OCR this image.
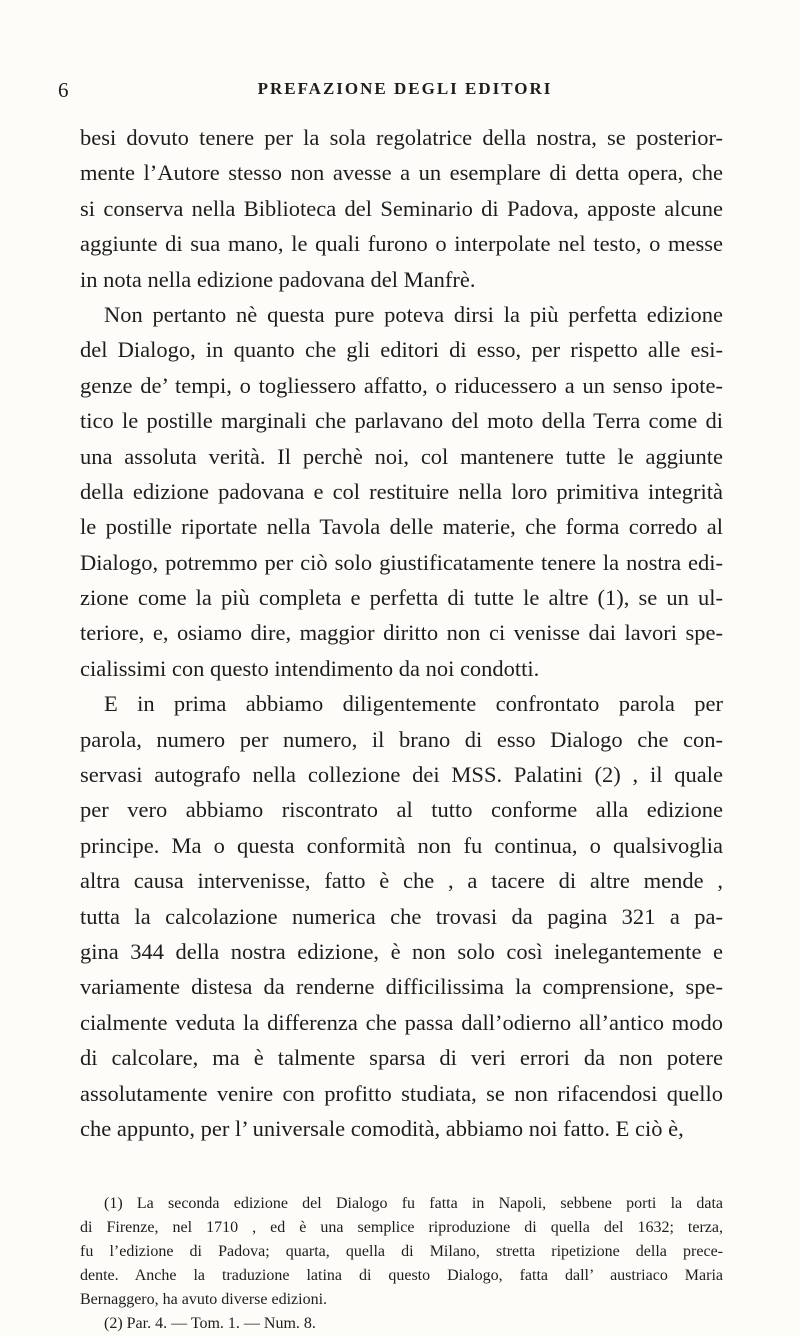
6	PREFAZIONE DEGLI EDITORI
besi dovuto tenere per la sola regolatrice della nostra, se posterior-
mente l’Autore stesso non avesse a un esemplare di detta opera, che
si conserva nella Biblioteca del Seminario di Padova, apposte alcune
aggiunte di sua mano, le quali furono o interpolate nel testo, o messe
in nota nella edizione padovana del Manfrè.
Non pertanto nè questa pure poteva dirsi la più perfetta edizione
del Dialogo, in quanto che gli editori di esso, per rispetto alle esi-
genze de’ tempi, o togliessero affatto, o riducessero a un senso ipote-
tico le postille marginali che parlavano del moto della Terra come di
una assoluta verità. Il perchè noi, col mantenere tutte le aggiunte
della edizione padovana e col restituire nella loro primitiva integrità
le postille riportate nella Tavola delle materie, che forma corredo al
Dialogo, potremmo per ciò solo giustificatamente tenere la nostra edi-
zione come la più completa e perfetta di tutte le altre (1), se un ul-
teriore, e, osiamo dire, maggior diritto non ci venisse dai lavori spe-
cialissimi con questo intendimento da noi condotti.
E in prima abbiamo diligentemente confrontato parola per
parola, numero per numero, il brano di esso Dialogo che con-
servasi autografo nella collezione dei MSS. Palatini (2) , il quale
per vero abbiamo riscontrato al tutto conforme alla edizione
principe. Ma o questa conformità non fu continua, o qualsivoglia
altra causa intervenisse, fatto è che , a tacere di altre mende ,
tutta la calcolazione numerica che trovasi da pagina 321 a pa-
gina 344 della nostra edizione, è non solo così inelegantemente e
variamente distesa da renderne difficilissima la comprensione, spe-
cialmente veduta la differenza che passa dall’odierno all’antico modo
di calcolare, ma è talmente sparsa di veri errori da non potere
assolutamente venire con profitto studiata, se non rifacendosi quello
che appunto, per l’ universale comodità, abbiamo noi fatto. E ciò è,
(1) La seconda edizione del Dialogo fu fatta in Napoli, sebbene porti la data
di Firenze, nel 1710 , ed è una semplice riproduzione di quella del 1632; terza,
fu l’edizione di Padova; quarta, quella di Milano, stretta ripetizione della prece-
dente. Anche la traduzione latina di questo Dialogo, fatta dall’ austriaco Maria
Bernaggero, ha avuto diverse edizioni.
(2) Par. 4. — Tom. 1. — Num. 8.
